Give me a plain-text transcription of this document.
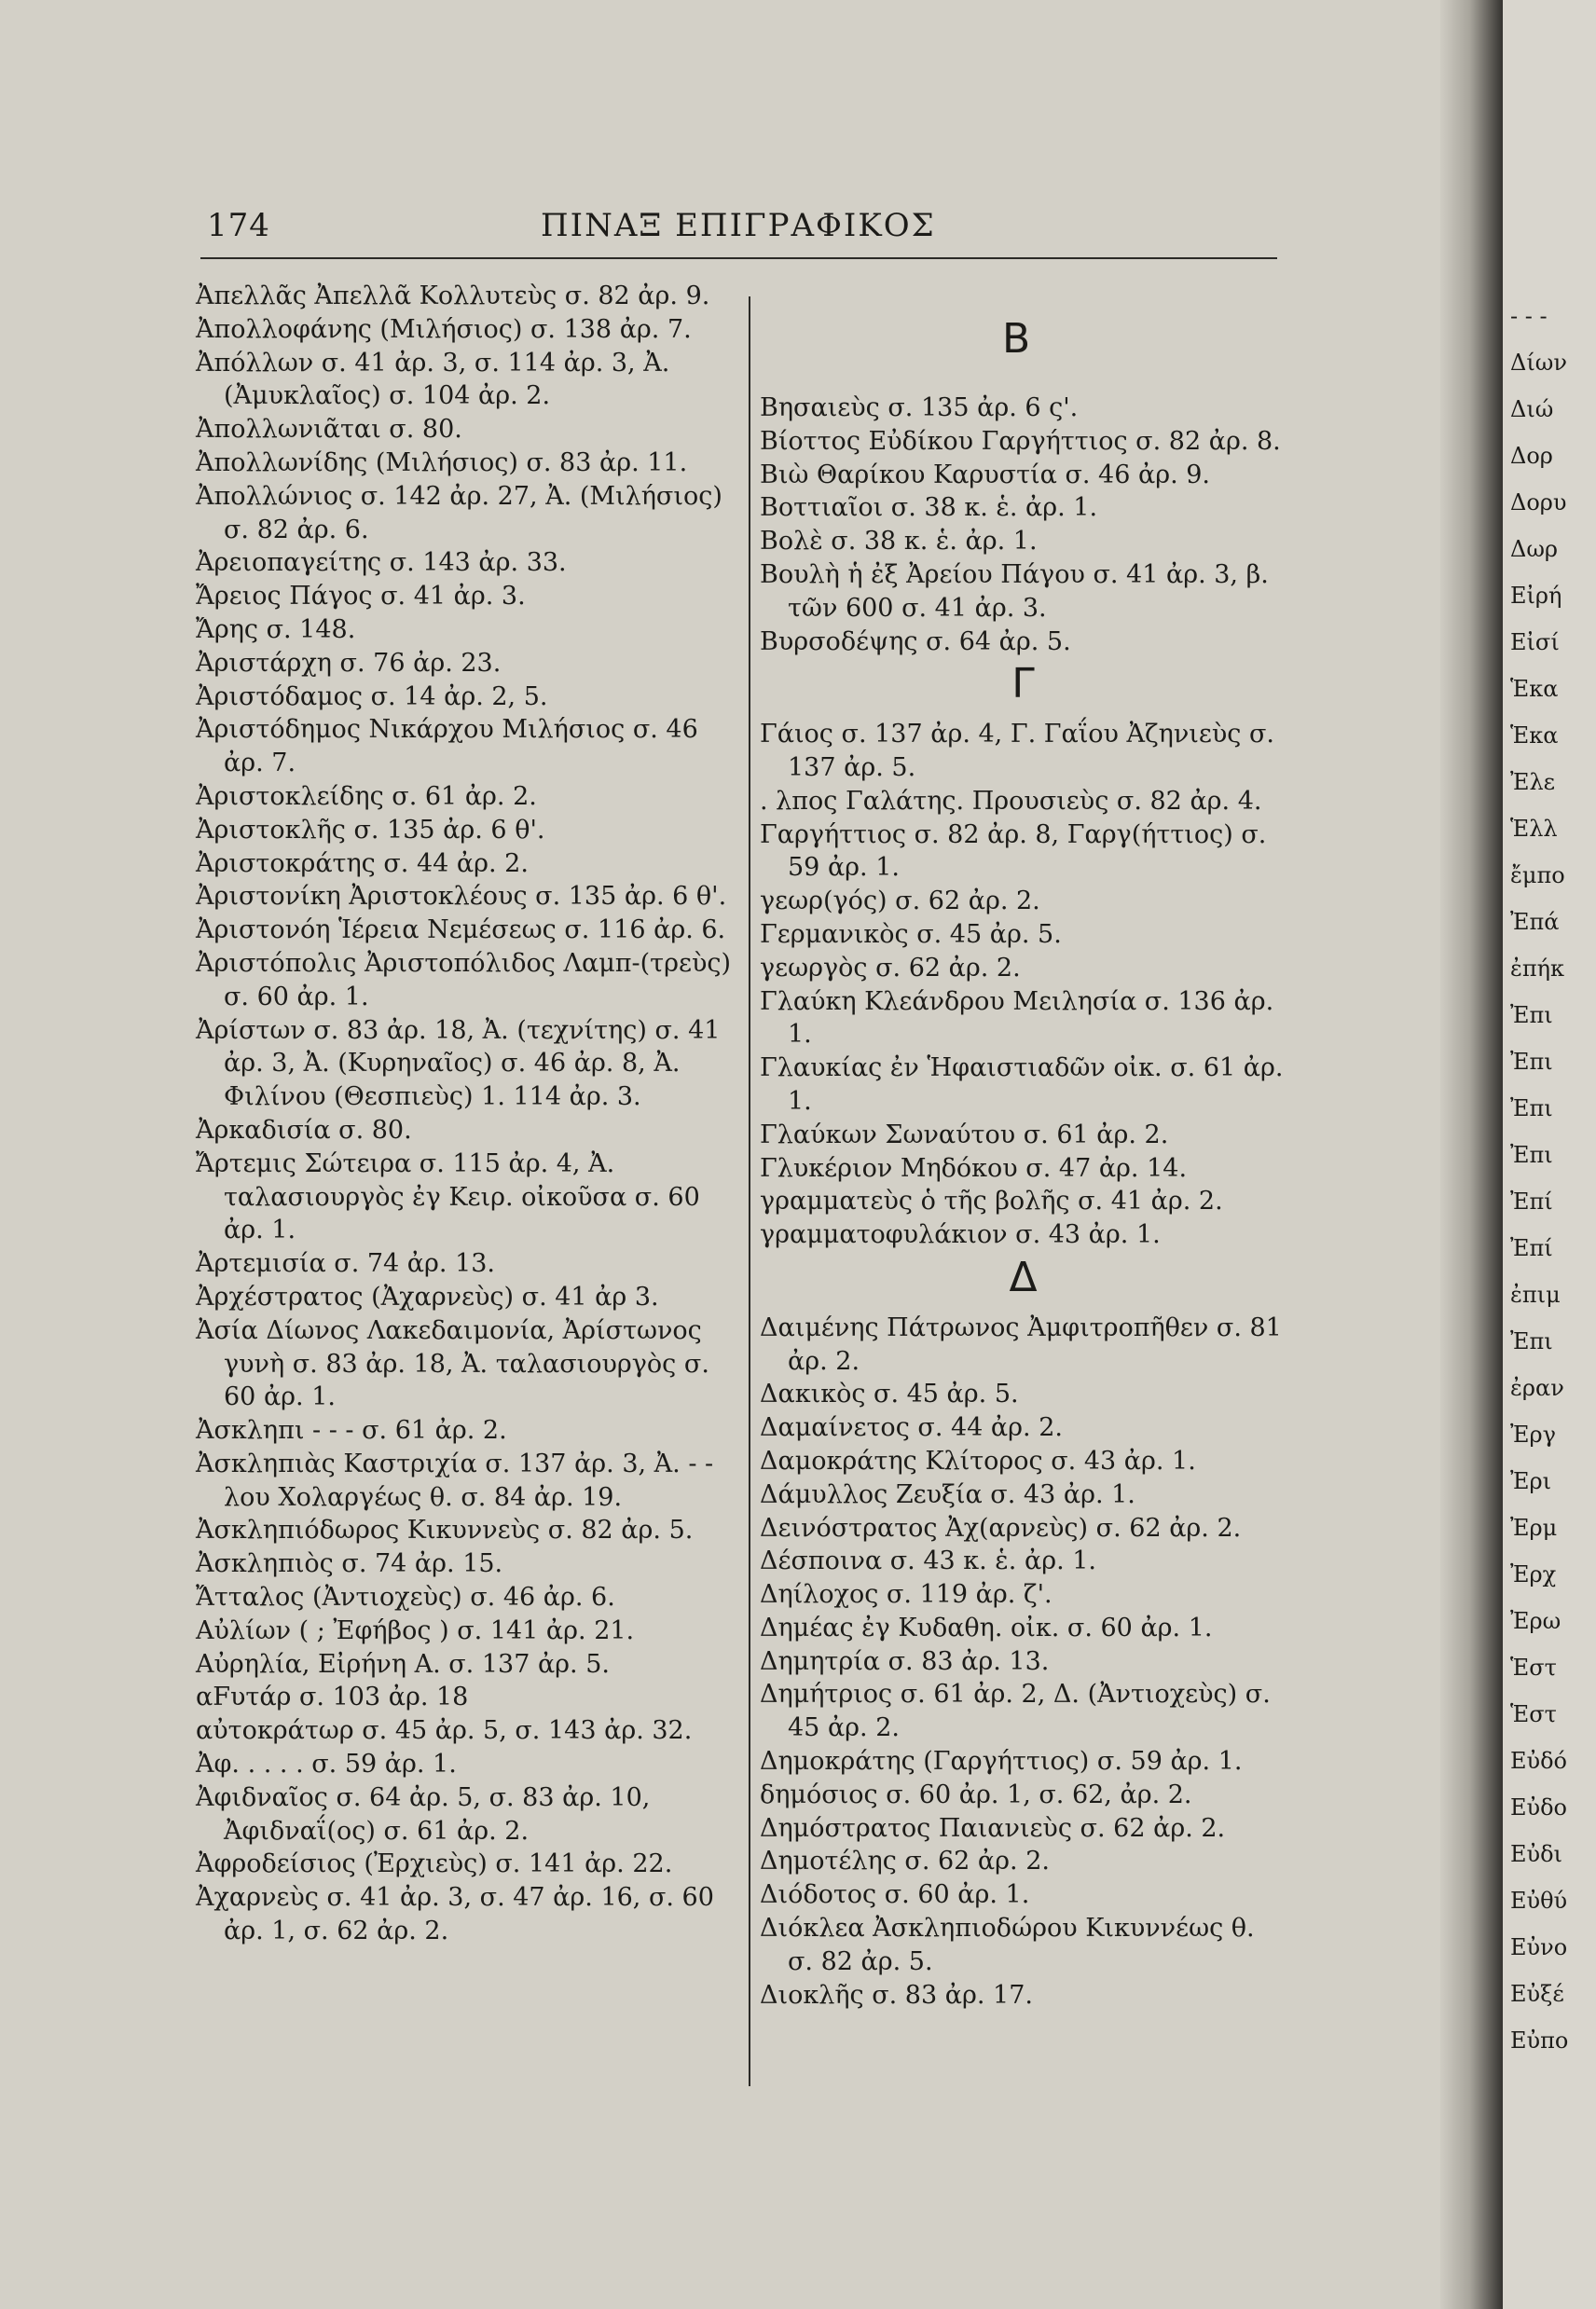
174	ΠΙΝΑΞ ΕΠΙΓΡΑΦΙΚΟΣ

Ἀπελλᾶς Ἀπελλᾶ Κολλυτεὺς σ. 82 ἀρ. 9.

Ἀπολλοφάνης (Μιλήσιος) σ. 138 ἀρ. 7.

Ἀπόλλων σ. 41 ἀρ. 3, σ. 114 ἀρ. 3, Ἀ. (Ἀμυκλαῖος) σ. 104 ἀρ. 2.

Ἀπολλωνιᾶται σ. 80.

Ἀπολλωνίδης (Μιλήσιος) σ. 83 ἀρ. 11.

Ἀπολλώνιος σ. 142 ἀρ. 27, Ἀ. (Μιλήσιος) σ. 82 ἀρ. 6.

Ἀρειοπαγείτης σ. 143 ἀρ. 33.

Ἄρειος Πάγος σ. 41 ἀρ. 3.

Ἄρης σ. 148.

Ἀριστάρχη σ. 76 ἀρ. 23.

Ἀριστόδαμος σ. 14 ἀρ. 2, 5.

Ἀριστόδημος Νικάρχου Μιλήσιος σ. 46 ἀρ. 7.

Ἀριστοκλείδης σ. 61 ἀρ. 2.

Ἀριστοκλῆς σ. 135 ἀρ. 6 θ'.

Ἀριστοκράτης σ. 44 ἀρ. 2.

Ἀριστονίκη Ἀριστοκλέους σ. 135 ἀρ. 6 θ'.

Ἀριστονόη Ἱέρεια Νεμέσεως σ. 116 ἀρ. 6.

Ἀριστόπολις Ἀριστοπόλιδος Λαμπ-(τρεὺς) σ. 60 ἀρ. 1.

Ἀρίστων σ. 83 ἀρ. 18, Ἀ. (τεχνίτης) σ. 41 ἀρ. 3, Ἀ. (Κυρηναῖος) σ. 46 ἀρ. 8, Ἀ. Φιλίνου (Θεσπιεὺς) 1. 114 ἀρ. 3.

Ἀρκαδισία σ. 80.

Ἄρτεμις Σώτειρα σ. 115 ἀρ. 4, Ἀ. ταλασιουργὸς ἐγ Κειρ. οἰκοῦσα σ. 60 ἀρ. 1.

Ἀρτεμισία σ. 74 ἀρ. 13.

Ἀρχέστρατος (Ἀχαρνεὺς) σ. 41 ἀρ 3.

Ἀσία Δίωνος Λακεδαιμονία, Ἀρίστωνος γυνὴ σ. 83 ἀρ. 18, Ἀ. ταλασιουργὸς σ. 60 ἀρ. 1.

Ἀσκληπι - - - σ. 61 ἀρ. 2.

Ἀσκληπιὰς Καστριχία σ. 137 ἀρ. 3, Ἀ. - - λου Χολαργέως θ. σ. 84 ἀρ. 19.

Ἀσκληπιόδωρος Κικυννεὺς σ. 82 ἀρ. 5.

Ἀσκληπιὸς σ. 74 ἀρ. 15.

Ἄτταλος (Ἀντιοχεὺς) σ. 46 ἀρ. 6.

Αὐλίων ( ; Ἐφήβος ) σ. 141 ἀρ. 21.

Αὐρηλία, Εἰρήνη Α. σ. 137 ἀρ. 5.

αFυτάρ σ. 103 ἀρ. 18

αὐτοκράτωρ σ. 45 ἀρ. 5, σ. 143 ἀρ. 32.

Ἀφ. . . . . σ. 59 ἀρ. 1.

Ἀφιδναῖος σ. 64 ἀρ. 5, σ. 83 ἀρ. 10, Ἀφιδναΐ(ος) σ. 61 ἀρ. 2.

Ἀφροδείσιος (Ἐρχιεὺς) σ. 141 ἀρ. 22.

Ἀχαρνεὺς σ. 41 ἀρ. 3, σ. 47 ἀρ. 16, σ. 60 ἀρ. 1, σ. 62 ἀρ. 2.

Β

Βησαιεὺς σ. 135 ἀρ. 6 ς'.

Βίοττος Εὐδίκου Γαργήττιος σ. 82 ἀρ. 8.

Βιὼ Θαρίκου Καρυστία σ. 46 ἀρ. 9.

Βοττιαῖοι σ. 38 κ. ἑ. ἀρ. 1.

Βολὲ σ. 38 κ. ἑ. ἀρ. 1.

Βουλὴ ἡ ἐξ Ἀρείου Πάγου σ. 41 ἀρ. 3, β. τῶν 600 σ. 41 ἀρ. 3.

Βυρσοδέψης σ. 64 ἀρ. 5.

Γ

Γάιος σ. 137 ἀρ. 4, Γ. Γαΐου Ἀζηνιεὺς σ. 137 ἀρ. 5.

. λπος Γαλάτης. Προυσιεὺς σ. 82 ἀρ. 4.

Γαργήττιος σ. 82 ἀρ. 8, Γαργ(ήττιος) σ. 59 ἀρ. 1.

γεωρ(γός) σ. 62 ἀρ. 2.

Γερμανικὸς σ. 45 ἀρ. 5.

γεωργὸς σ. 62 ἀρ. 2.

Γλαύκη Κλεάνδρου Μειλησία σ. 136 ἀρ. 1.

Γλαυκίας ἐν Ἡφαιστιαδῶν οἰκ. σ. 61 ἀρ. 1.

Γλαύκων Σωναύτου σ. 61 ἀρ. 2.

Γλυκέριον Μηδόκου σ. 47 ἀρ. 14.

γραμματεὺς ὁ τῆς βολῆς σ. 41 ἀρ. 2.

γραμματοφυλάκιον σ. 43 ἀρ. 1.

Δ

Δαιμένης Πάτρωνος Ἀμφιτροπῆθεν σ. 81 ἀρ. 2.

Δακικὸς σ. 45 ἀρ. 5.

Δαμαίνετος σ. 44 ἀρ. 2.

Δαμοκράτης Κλίτορος σ. 43 ἀρ. 1.

Δάμυλλος Ζευξία σ. 43 ἀρ. 1.

Δεινόστρατος Ἀχ(αρνεὺς) σ. 62 ἀρ. 2.

Δέσποινα σ. 43 κ. ἑ. ἀρ. 1.

Δηίλοχος σ. 119 ἀρ. ζ'.

Δημέας ἐγ Κυδαθη. οἰκ. σ. 60 ἀρ. 1.

Δημητρία σ. 83 ἀρ. 13.

Δημήτριος σ. 61 ἀρ. 2, Δ. (Ἀντιοχεὺς) σ. 45 ἀρ. 2.

Δημοκράτης (Γαργήττιος) σ. 59 ἀρ. 1.

δημόσιος σ. 60 ἀρ. 1, σ. 62, ἀρ. 2.

Δημόστρατος Παιανιεὺς σ. 62 ἀρ. 2.

Δημοτέλης σ. 62 ἀρ. 2.

Διόδοτος σ. 60 ἀρ. 1.

Διόκλεα Ἀσκληπιοδώρου Κικυννέως θ. σ. 82 ἀρ. 5.

Διοκλῆς σ. 83 ἀρ. 17.

- - -
Δίων
Διώ
Δορ
Δορυ
Δωρ
Εἰρή
Εἰσί
Ἑκα
Ἑκα
Ἐλε
Ἑλλ
ἔμπο
Ἐπά
ἐπήκ
Ἐπι
Ἐπι
Ἐπι
Ἐπι
Ἐπί
Ἐπί
ἐπιμ
Ἐπι
ἐραν
Ἐργ
Ἐρι
Ἐρμ
Ἐρχ
Ἐρω
Ἑστ
Ἑστ
Εὐδό
Εὐδο
Εὐδι
Εὐθύ
Εὐνο
Εὐξέ
Εὐπο
